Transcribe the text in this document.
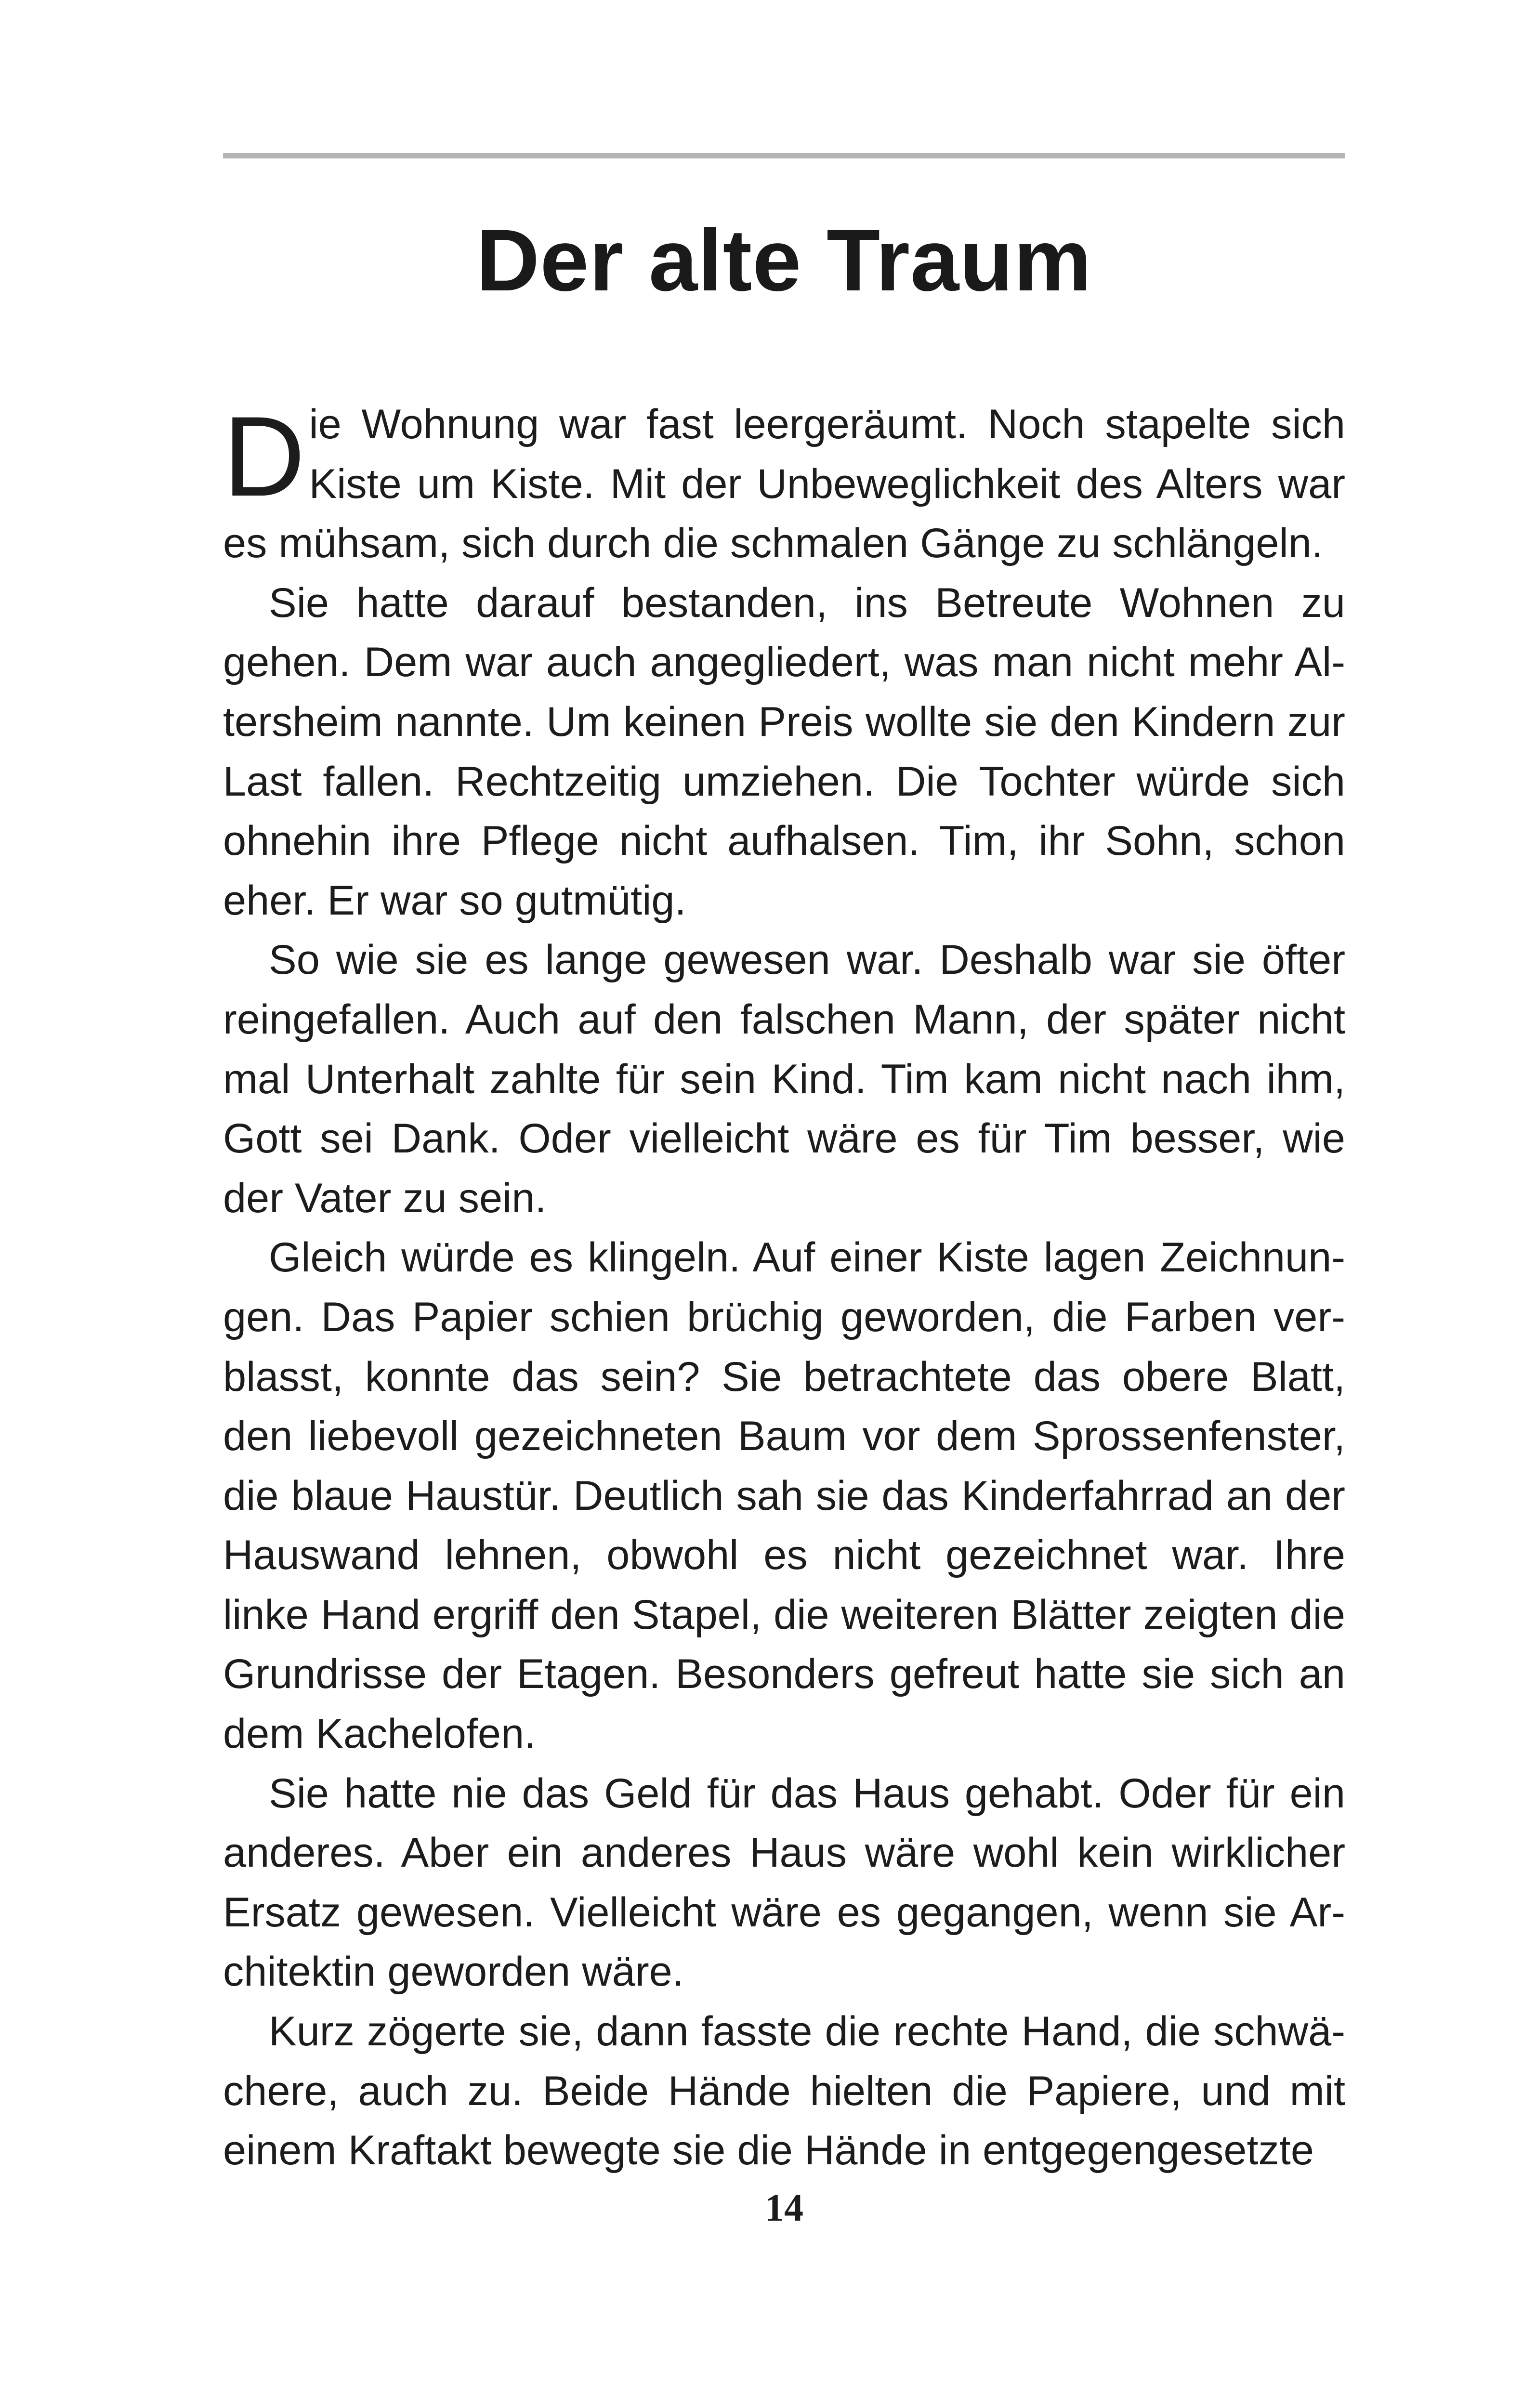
Der alte Traum

Die Wohnung war fast leergeräumt. Noch stapelte sich Kiste um Kiste. Mit der Unbeweglichkeit des Alters war es mühsam, sich durch die schmalen Gänge zu schlängeln.

Sie hatte darauf bestanden, ins Betreute Wohnen zu gehen. Dem war auch angegliedert, was man nicht mehr Altersheim nannte. Um keinen Preis wollte sie den Kindern zur Last fallen. Rechtzeitig umziehen. Die Tochter würde sich ohnehin ihre Pflege nicht aufhalsen. Tim, ihr Sohn, schon eher. Er war so gutmütig.

So wie sie es lange gewesen war. Deshalb war sie öfter reingefallen. Auch auf den falschen Mann, der später nicht mal Unterhalt zahlte für sein Kind. Tim kam nicht nach ihm, Gott sei Dank. Oder vielleicht wäre es für Tim besser, wie der Vater zu sein.

Gleich würde es klingeln. Auf einer Kiste lagen Zeichnungen. Das Papier schien brüchig geworden, die Farben verblasst, konnte das sein? Sie betrachtete das obere Blatt, den liebevoll gezeichneten Baum vor dem Sprossenfenster, die blaue Haustür. Deutlich sah sie das Kinderfahrrad an der Hauswand lehnen, obwohl es nicht gezeichnet war. Ihre linke Hand ergriff den Stapel, die weiteren Blätter zeigten die Grundrisse der Etagen. Besonders gefreut hatte sie sich an dem Kachelofen.

Sie hatte nie das Geld für das Haus gehabt. Oder für ein anderes. Aber ein anderes Haus wäre wohl kein wirklicher Ersatz gewesen. Vielleicht wäre es gegangen, wenn sie Architektin geworden wäre.

Kurz zögerte sie, dann fasste die rechte Hand, die schwächere, auch zu. Beide Hände hielten die Papiere, und mit einem Kraftakt bewegte sie die Hände in entgegengesetzte

14
